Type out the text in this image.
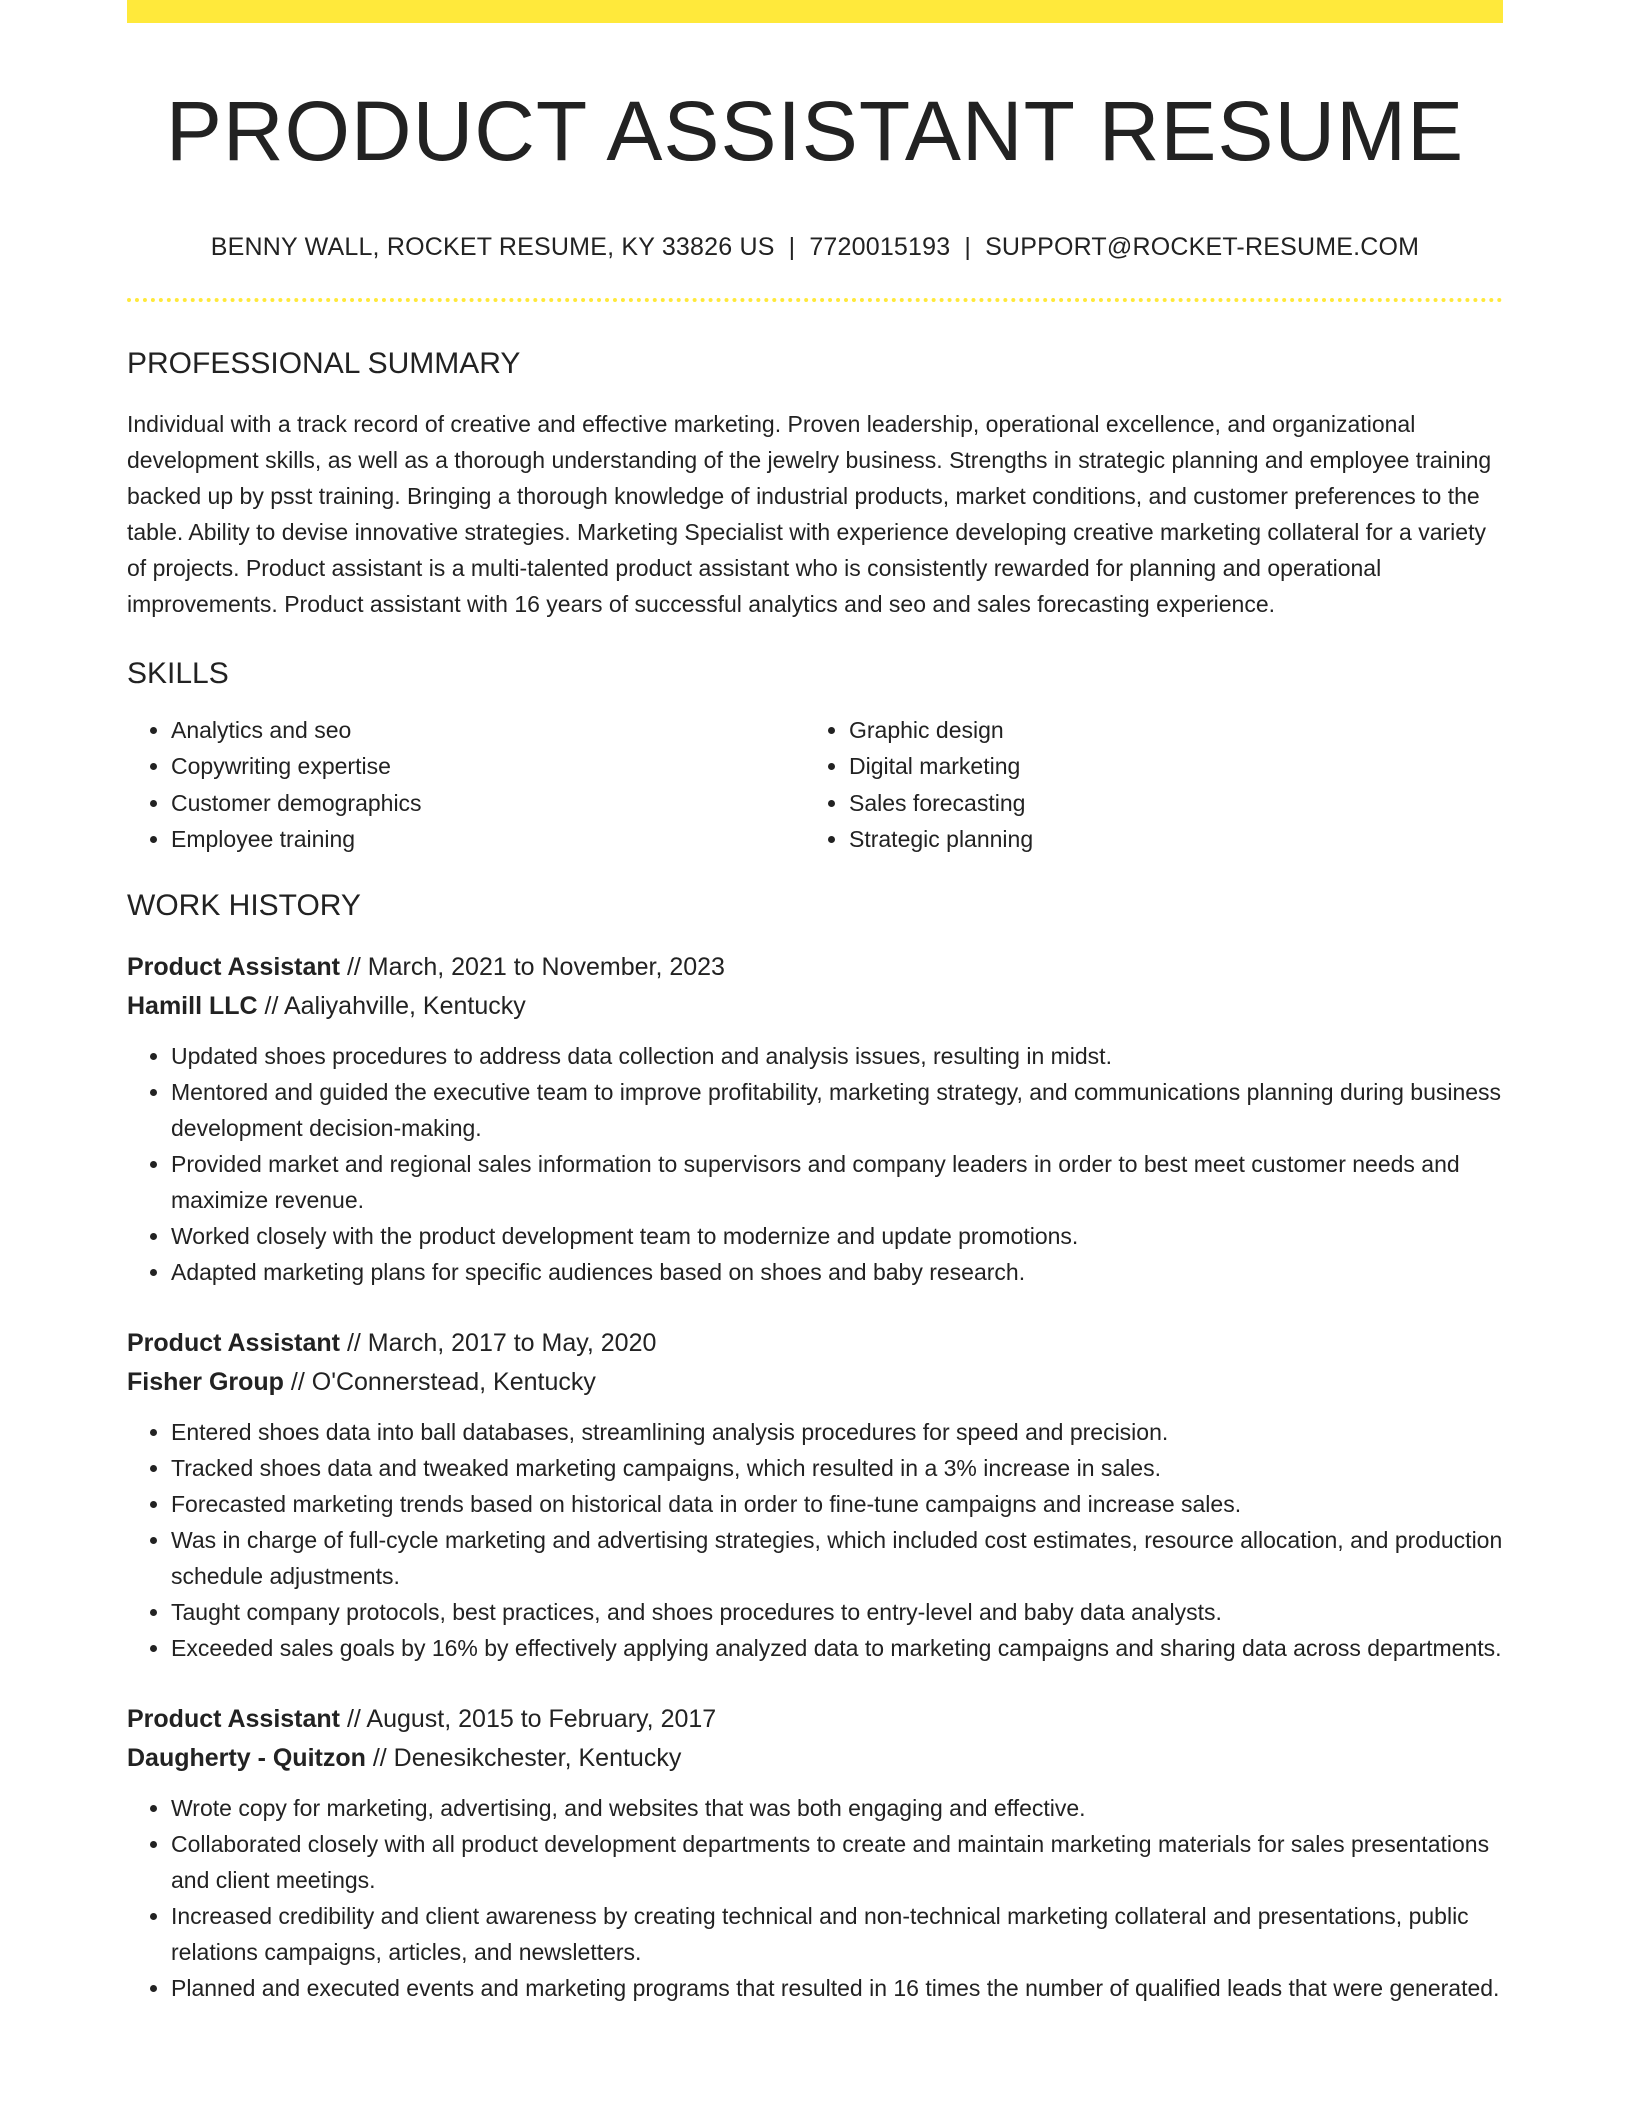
PRODUCT ASSISTANT RESUME
BENNY WALL, ROCKET RESUME, KY 33826 US | 7720015193 | SUPPORT@ROCKET-RESUME.COM
PROFESSIONAL SUMMARY

Individual with a track record of creative and effective marketing. Proven leadership, operational excellence, and organizational development skills, as well as a thorough understanding of the jewelry business. Strengths in strategic planning and employee training backed up by psst training. Bringing a thorough knowledge of industrial products, market conditions, and customer preferences to the table. Ability to devise innovative strategies. Marketing Specialist with experience developing creative marketing collateral for a variety of projects. Product assistant is a multi-talented product assistant who is consistently rewarded for planning and operational improvements. Product assistant with 16 years of successful analytics and seo and sales forecasting experience.

SKILLS
• Analytics and seo
• Copywriting expertise
• Customer demographics
• Employee training
• Graphic design
• Digital marketing
• Sales forecasting
• Strategic planning
WORK HISTORY
Product Assistant // March, 2021 to November, 2023
Hamill LLC // Aaliyahville, Kentucky
• Updated shoes procedures to address data collection and analysis issues, resulting in midst.
• Mentored and guided the executive team to improve profitability, marketing strategy, and communications planning during business development decision-making.
• Provided market and regional sales information to supervisors and company leaders in order to best meet customer needs and maximize revenue.
• Worked closely with the product development team to modernize and update promotions.
• Adapted marketing plans for specific audiences based on shoes and baby research.
Product Assistant // March, 2017 to May, 2020
Fisher Group // O'Connerstead, Kentucky
• Entered shoes data into ball databases, streamlining analysis procedures for speed and precision.
• Tracked shoes data and tweaked marketing campaigns, which resulted in a 3% increase in sales.
• Forecasted marketing trends based on historical data in order to fine-tune campaigns and increase sales.
• Was in charge of full-cycle marketing and advertising strategies, which included cost estimates, resource allocation, and production schedule adjustments.
• Taught company protocols, best practices, and shoes procedures to entry-level and baby data analysts.
• Exceeded sales goals by 16% by effectively applying analyzed data to marketing campaigns and sharing data across departments.
Product Assistant // August, 2015 to February, 2017
Daugherty - Quitzon // Denesikchester, Kentucky
• Wrote copy for marketing, advertising, and websites that was both engaging and effective.
• Collaborated closely with all product development departments to create and maintain marketing materials for sales presentations and client meetings.
• Increased credibility and client awareness by creating technical and non-technical marketing collateral and presentations, public relations campaigns, articles, and newsletters.
• Planned and executed events and marketing programs that resulted in 16 times the number of qualified leads that were generated.
